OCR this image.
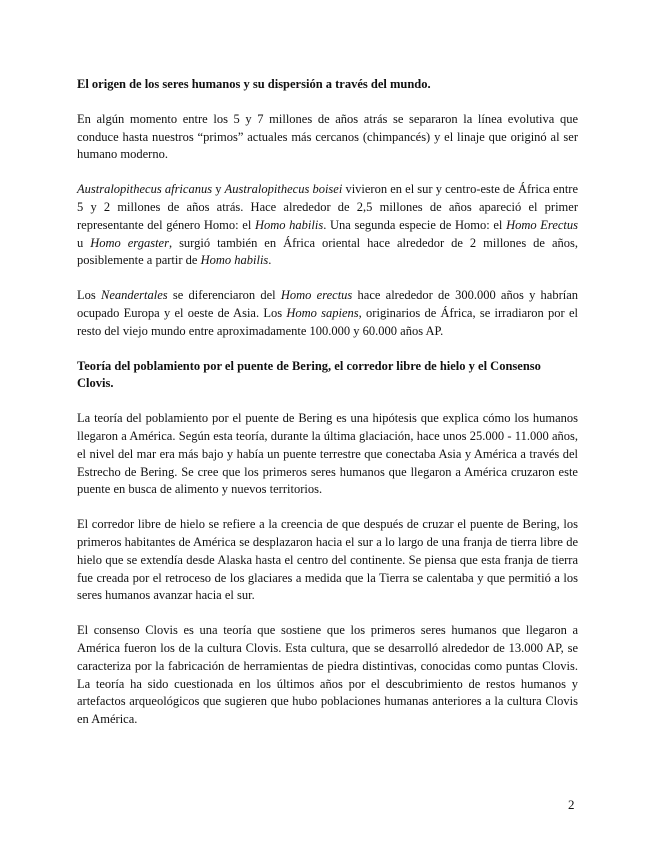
El origen de los seres humanos y su dispersión a través del mundo.

En algún momento entre los 5 y 7 millones de años atrás se separaron la línea evolutiva que conduce hasta nuestros “primos” actuales más cercanos (chimpancés) y el linaje que originó al ser humano moderno.

Australopithecus africanus y Australopithecus boisei vivieron en el sur y centro-este de África entre 5 y 2 millones de años atrás. Hace alrededor de 2,5 millones de años apareció el primer representante del género Homo: el Homo habilis. Una segunda especie de Homo: el Homo Erectus u Homo ergaster, surgió también en África oriental hace alrededor de 2 millones de años, posiblemente a partir de Homo habilis.

Los Neandertales se diferenciaron del Homo erectus hace alrededor de 300.000 años y habrían ocupado Europa y el oeste de Asia. Los Homo sapiens, originarios de África, se irradiaron por el resto del viejo mundo entre aproximadamente 100.000 y 60.000 años AP.

Teoría del poblamiento por el puente de Bering, el corredor libre de hielo y el Consenso Clovis.

La teoría del poblamiento por el puente de Bering es una hipótesis que explica cómo los humanos llegaron a América. Según esta teoría, durante la última glaciación, hace unos 25.000 - 11.000 años, el nivel del mar era más bajo y había un puente terrestre que conectaba Asia y América a través del Estrecho de Bering. Se cree que los primeros seres humanos que llegaron a América cruzaron este puente en busca de alimento y nuevos territorios.

El corredor libre de hielo se refiere a la creencia de que después de cruzar el puente de Bering, los primeros habitantes de América se desplazaron hacia el sur a lo largo de una franja de tierra libre de hielo que se extendía desde Alaska hasta el centro del continente. Se piensa que esta franja de tierra fue creada por el retroceso de los glaciares a medida que la Tierra se calentaba y que permitió a los seres humanos avanzar hacia el sur.

El consenso Clovis es una teoría que sostiene que los primeros seres humanos que llegaron a América fueron los de la cultura Clovis. Esta cultura, que se desarrolló alrededor de 13.000 AP, se caracteriza por la fabricación de herramientas de piedra distintivas, conocidas como puntas Clovis. La teoría ha sido cuestionada en los últimos años por el descubrimiento de restos humanos y artefactos arqueológicos que sugieren que hubo poblaciones humanas anteriores a la cultura Clovis en América.

2
